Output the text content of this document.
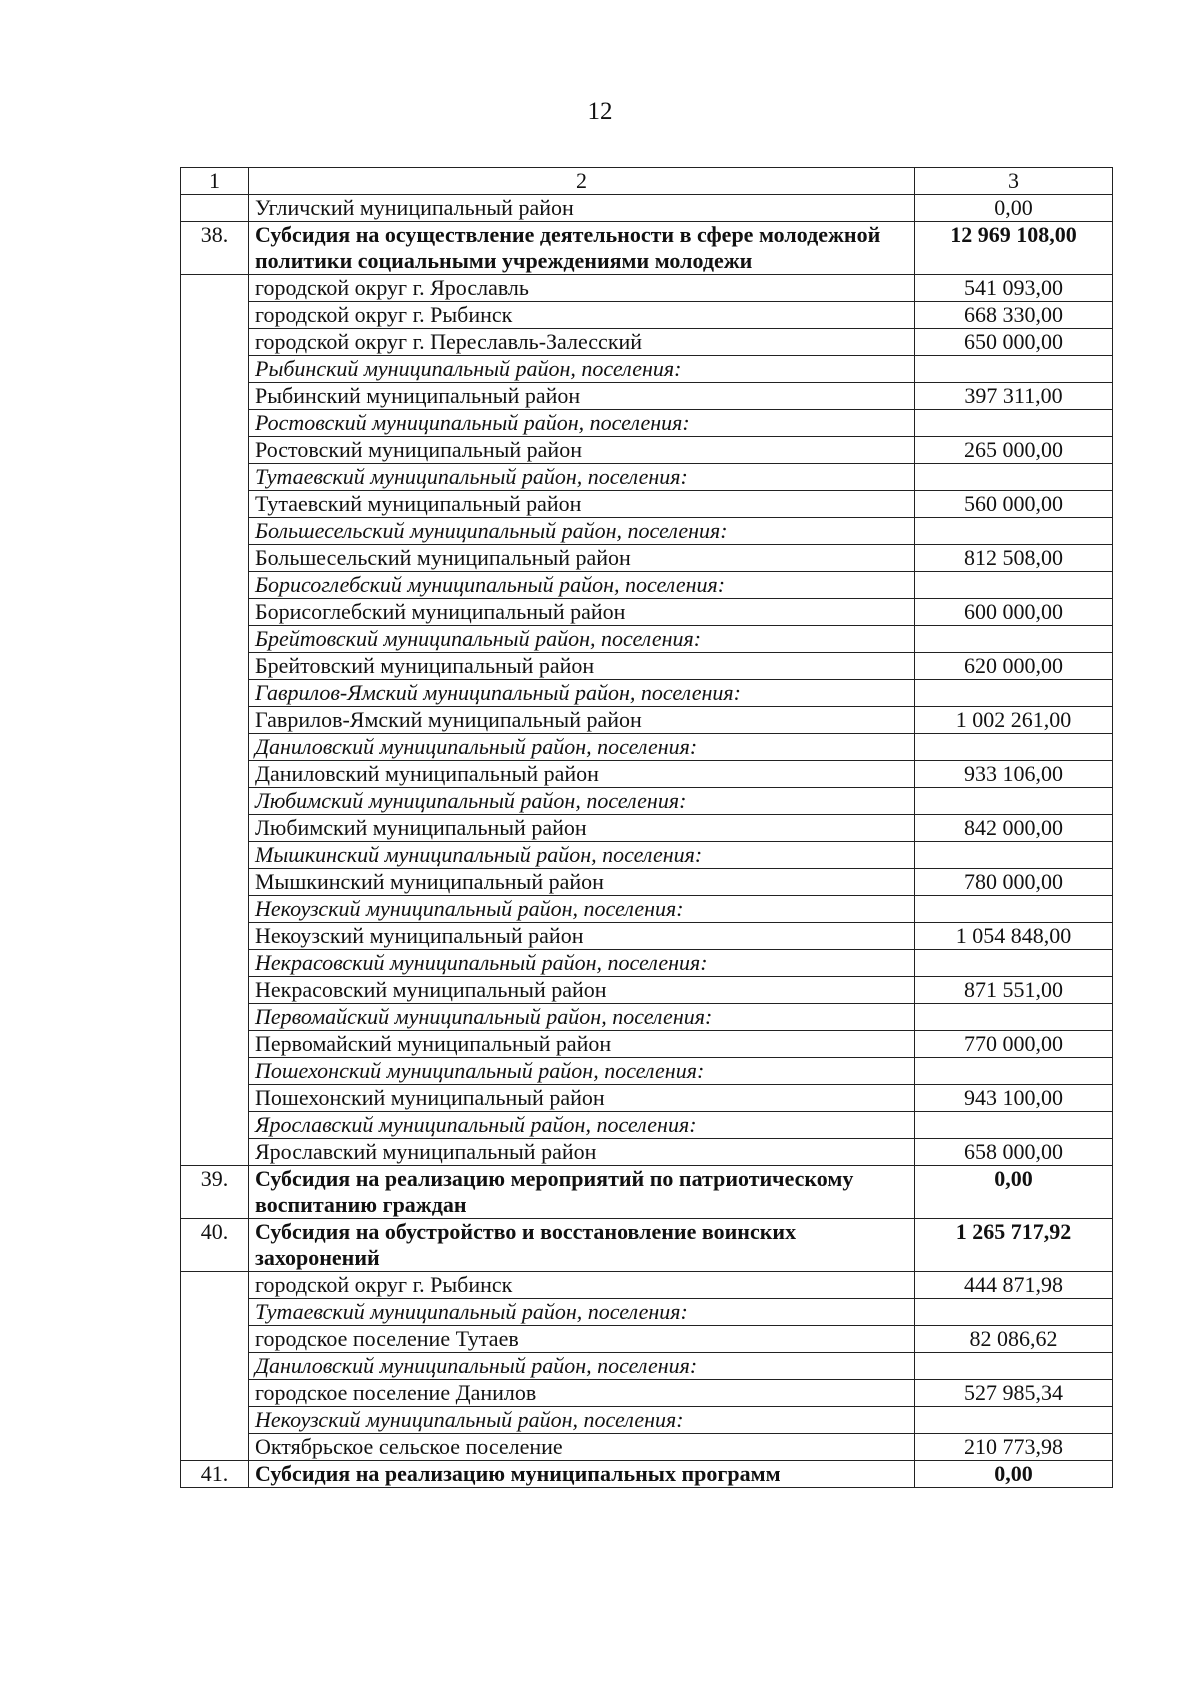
12
1	2	3
	Угличский муниципальный район	0,00
38.	Субсидия на осуществление деятельности в сфере молодежной политики социальными учреждениями молодежи	12 969 108,00
	городской округ г. Ярославль	541 093,00
	городской округ г. Рыбинск	668 330,00
	городской округ г. Переславль-Залесский	650 000,00
	Рыбинский муниципальный район, поселения:	
	Рыбинский муниципальный район	397 311,00
	Ростовский муниципальный район, поселения:	
	Ростовский муниципальный район	265 000,00
	Тутаевский муниципальный район, поселения:	
	Тутаевский муниципальный район	560 000,00
	Большесельский муниципальный район, поселения:	
	Большесельский муниципальный район	812 508,00
	Борисоглебский муниципальный район, поселения:	
	Борисоглебский муниципальный район	600 000,00
	Брейтовский муниципальный район, поселения:	
	Брейтовский муниципальный район	620 000,00
	Гаврилов-Ямский муниципальный район, поселения:	
	Гаврилов-Ямский муниципальный район	1 002 261,00
	Даниловский муниципальный район, поселения:	
	Даниловский муниципальный район	933 106,00
	Любимский муниципальный район, поселения:	
	Любимский муниципальный район	842 000,00
	Мышкинский муниципальный район, поселения:	
	Мышкинский муниципальный район	780 000,00
	Некоузский муниципальный район, поселения:	
	Некоузский муниципальный район	1 054 848,00
	Некрасовский муниципальный район, поселения:	
	Некрасовский муниципальный район	871 551,00
	Первомайский муниципальный район, поселения:	
	Первомайский муниципальный район	770 000,00
	Пошехонский муниципальный район, поселения:	
	Пошехонский муниципальный район	943 100,00
	Ярославский муниципальный район, поселения:	
	Ярославский муниципальный район	658 000,00
39.	Субсидия на реализацию мероприятий по патриотическому воспитанию граждан	0,00
40.	Субсидия на обустройство и восстановление воинских захоронений	1 265 717,92
	городской округ г. Рыбинск	444 871,98
	Тутаевский муниципальный район, поселения:	
	городское поселение Тутаев	82 086,62
	Даниловский муниципальный район, поселения:	
	городское поселение Данилов	527 985,34
	Некоузский муниципальный район, поселения:	
	Октябрьское сельское поселение	210 773,98
41.	Субсидия на реализацию муниципальных программ	0,00
